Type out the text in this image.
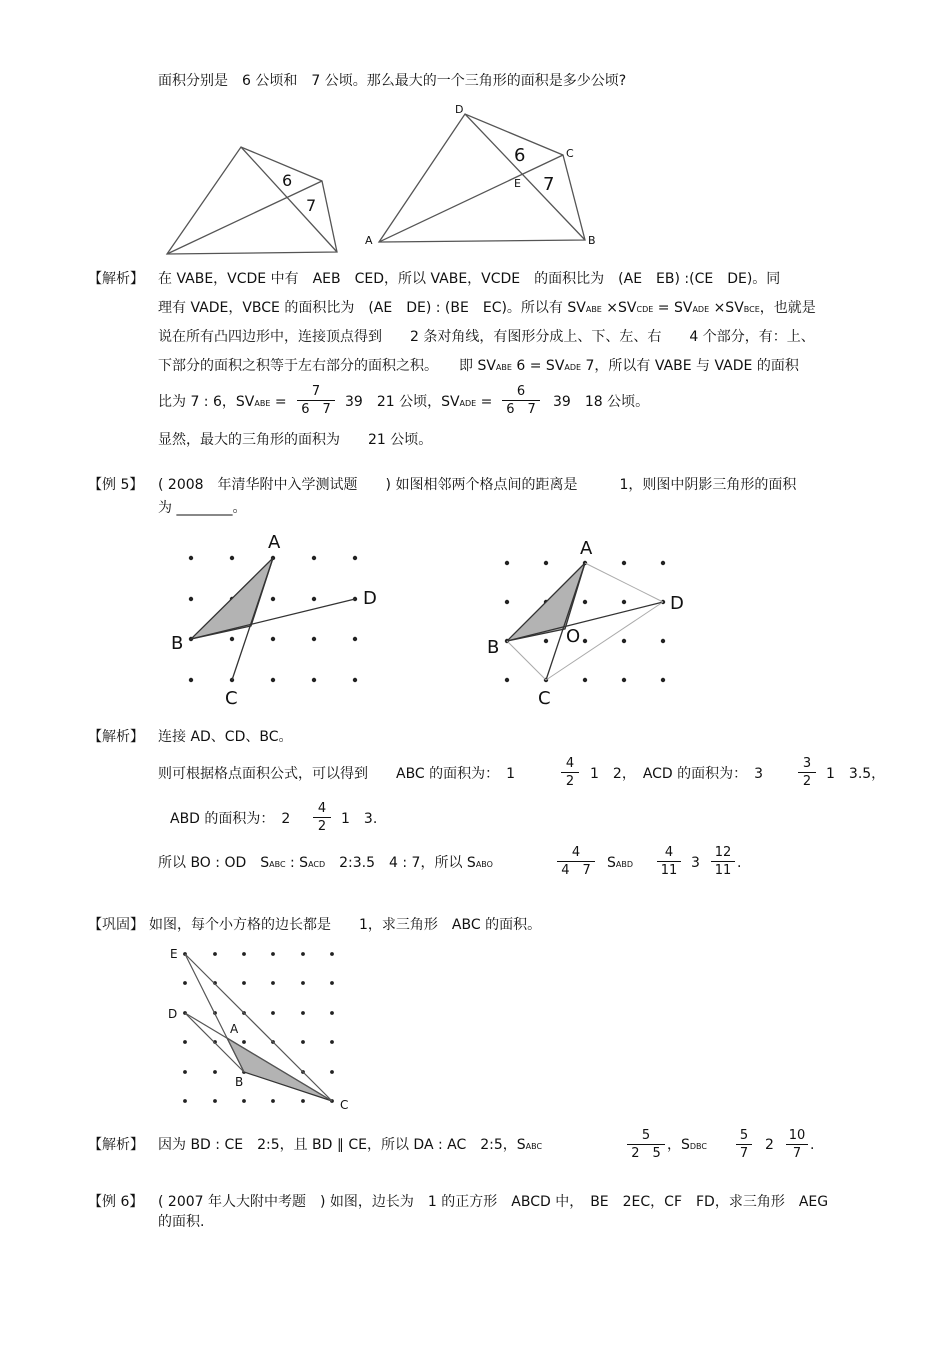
面积分别是　6 公顷和　7 公顷。那么最大的一个三角形的面积是多少公顷?
6
7
D
C
E
A	B
6
7
【解析】 在 VABE，VCDE 中有　AEB　CED，所以 VABE，VCDE　的面积比为　(AE　EB) :(CE　DE)。同
理有 VADE，VBCE 的面积比为　(AE　DE) : (BE　EC)。所以有 SVABE ×SVCDE = SVADE ×SVBCE，也就是
说在所有凸四边形中，连接顶点得到　　2 条对角线，有图形分成上、下、左、右　　4 个部分，有：上、
下部分的面积之积等于左右部分的面积之积。　　即 SVABE 6 = SVADE 7，所以有 VABE 与 VADE 的面积
比为 7 : 6，SVABE =
7
6　7	39　21 公顷，SVADE =
6
6　7	39　18 公顷。
显然，最大的三角形的面积为　　21 公顷。
【例 5】 ( 2008　年清华附中入学测试题　　) 如图相邻两个格点间的距离是　　　1，则图中阴影三角形的面积
为 ________。
A
B
C
D
A
B
C
D
O
【解析】 连接 AD、CD、BC。
则可根据格点面积公式，可以得到　　ABC 的面积为：　1
4
2	1　2，　ACD 的面积为：　3
3
2	1　3.5，
ABD 的面积为：　2
4
2	1　3.
所以 BO : OD　SABC : SACD　2:3.5　4 : 7，所以 SABO
4
4　7	SABD
4
11 3
12
11 .
【巩固】 如图，每个小方格的边长都是　　1，求三角形　ABC 的面积。
E
D
A
B
C
【解析】 因为 BD : CE　2:5，且 BD ∥ CE，所以 DA : AC　2:5，SABC
5
2　5
，SDBC
5
7
2
10
7
.
【例 6】 ( 2007 年人大附中考题　) 如图，边长为　1 的正方形　ABCD 中，　BE　2EC，CF　FD，求三角形　AEG
的面积.
